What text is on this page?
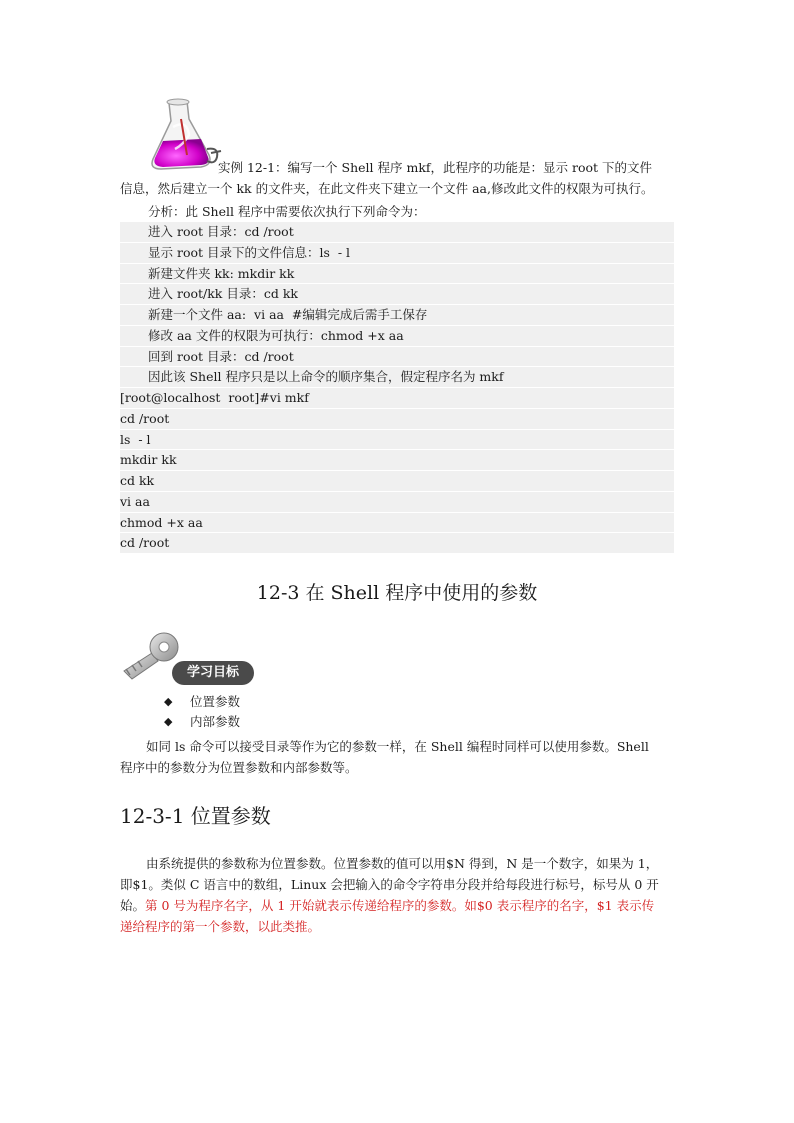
实例 12-1：编写一个 Shell 程序 mkf，此程序的功能是：显示 root 下的文件

信息，然后建立一个 kk 的文件夹，在此文件夹下建立一个文件 aa,修改此文件的权限为可执行。

分析：此 Shell 程序中需要依次执行下列命令为：
进入 root 目录：cd /root
显示 root 目录下的文件信息：ls  - l
新建文件夹 kk: mkdir kk
进入 root/kk 目录：cd kk
新建一个文件 aa:  vi aa  #编辑完成后需手工保存
修改 aa 文件的权限为可执行：chmod +x aa
回到 root 目录：cd /root
因此该 Shell 程序只是以上命令的顺序集合，假定程序名为 mkf
[root@localhost  root]#vi mkf
cd /root
ls  - l
mkdir kk
cd kk
vi aa
chmod +x aa
cd /root
12-3 在 Shell 程序中使用的参数
学习目标
◆	位置参数
◆	内部参数

如同 ls 命令可以接受目录等作为它的参数一样，在 Shell 编程时同样可以使用参数。Shell

程序中的参数分为位置参数和内部参数等。

12-3-1 位置参数

由系统提供的参数称为位置参数。位置参数的值可以用$N 得到，N 是一个数字，如果为 1，

即$1。类似 C 语言中的数组，Linux 会把输入的命令字符串分段并给每段进行标号，标号从 0 开

始。第 0 号为程序名字，从 1 开始就表示传递给程序的参数。如$0 表示程序的名字，$1 表示传

递给程序的第一个参数，以此类推。
